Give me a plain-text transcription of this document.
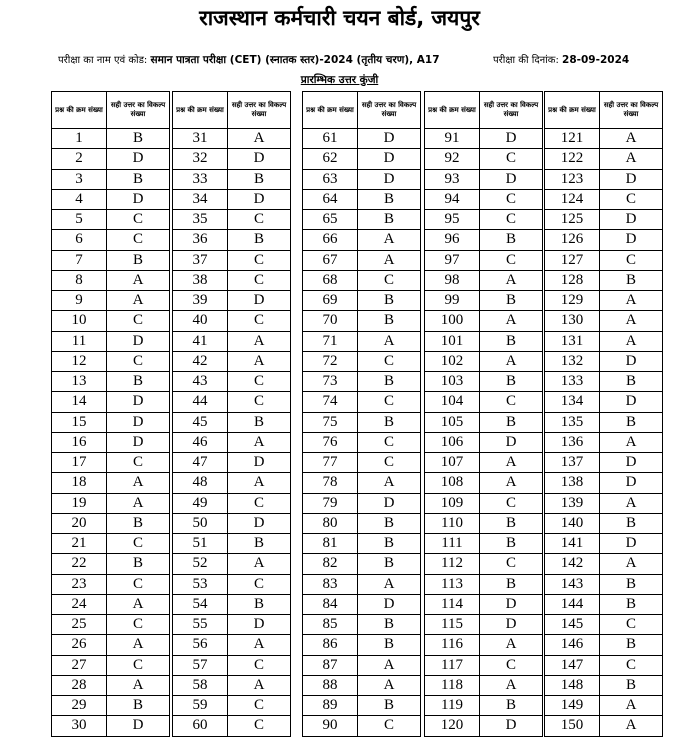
राजस्थान कर्मचारी चयन बोर्ड, जयपुर
परीक्षा का नाम एवं कोड: समान पात्रता परीक्षा (CET) (स्नातक स्तर)-2024 (तृतीय चरण), A17	परीक्षा की दिनांक: 28-09-2024
प्रारम्भिक उत्तर कुंजी
प्रश्न की क्रम संख्या	सही उत्तर का विकल्प संख्या
1	B
2	D
3	B
4	D
5	C
6	C
7	B
8	A
9	A
10	C
11	D
12	C
13	B
14	D
15	D
16	D
17	C
18	A
19	A
20	B
21	C
22	B
23	C
24	A
25	C
26	A
27	C
28	A
29	B
30	D
प्रश्न की क्रम संख्या	सही उत्तर का विकल्प संख्या
31	A
32	D
33	B
34	D
35	C
36	B
37	C
38	C
39	D
40	C
41	A
42	A
43	C
44	C
45	B
46	A
47	D
48	A
49	C
50	D
51	B
52	A
53	C
54	B
55	D
56	A
57	C
58	A
59	C
60	C
प्रश्न की क्रम संख्या	सही उत्तर का विकल्प संख्या
61	D
62	D
63	D
64	B
65	B
66	A
67	A
68	C
69	B
70	B
71	A
72	C
73	B
74	C
75	B
76	C
77	C
78	A
79	D
80	B
81	B
82	B
83	A
84	D
85	B
86	B
87	A
88	A
89	B
90	C
प्रश्न की क्रम संख्या	सही उत्तर का विकल्प संख्या
91	D
92	C
93	D
94	C
95	C
96	B
97	C
98	A
99	B
100	A
101	B
102	A
103	B
104	C
105	B
106	D
107	A
108	A
109	C
110	B
111	B
112	C
113	B
114	D
115	D
116	A
117	C
118	A
119	B
120	D
प्रश्न की क्रम संख्या	सही उत्तर का विकल्प संख्या
121	A
122	A
123	D
124	C
125	D
126	D
127	C
128	B
129	A
130	A
131	A
132	D
133	B
134	D
135	B
136	A
137	D
138	D
139	A
140	B
141	D
142	A
143	B
144	B
145	C
146	B
147	C
148	B
149	A
150	A
